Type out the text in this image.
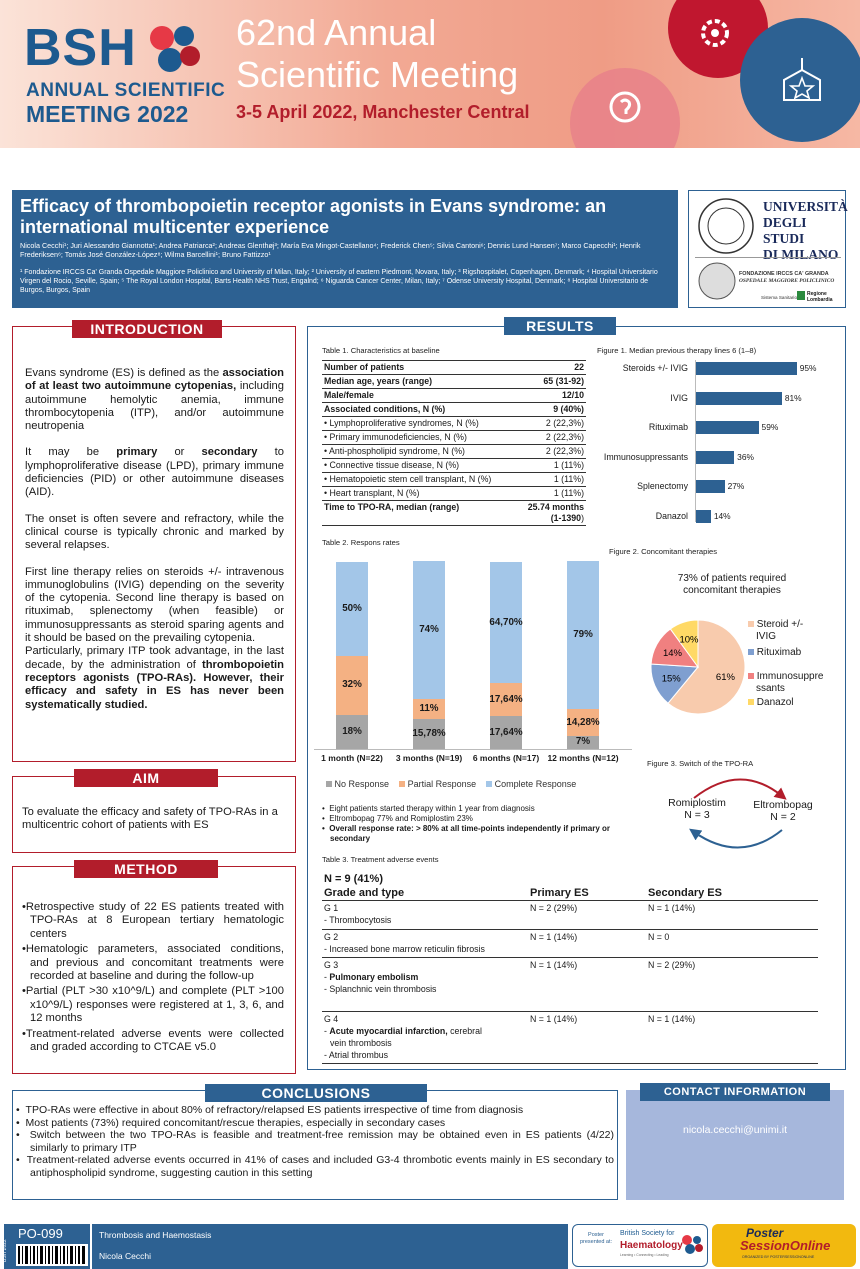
BSH
ANNUAL SCIENTIFIC
MEETING 2022
62nd Annual
Scientific Meeting
3-5 April 2022, Manchester Central
Efficacy of thrombopoietin receptor agonists in Evans syndrome: an international multicenter experience
Nicola Cecchi¹; Juri Alessandro Giannotta¹; Andrea Patriarca²; Andreas Glenthøj³; María Eva Mingot-Castellano⁴; Frederick Chen⁵; Silvia Cantoni⁶; Dennis Lund Hansen⁷; Marco Capecchi¹; Henrik Frederiksen⁶; Tomás José González-López⁸; Wilma Barcellini¹; Bruno Fattizzo¹
¹ Fondazione IRCCS Ca' Granda Ospedale Maggiore Policlinico and University of Milan, Italy; ² University of eastern Piedmont, Novara, Italy; ³ Rigshospitalet, Copenhagen, Denmark; ⁴ Hospital Universitario Virgen del Rocio, Seville, Spain; ⁵ The Royal London Hospital, Barts Health NHS Trust, Engalnd; ⁶ Niguarda Cancer Center, Milan, Italy; ⁷ Odense University Hospital, Denmark; ⁸ Hospital Universitario de Burgos, Burgos, Spain
UNIVERSITÀ
DEGLI STUDI
DI MILANO
FONDAZIONE IRCCS CA' GRANDA
OSPEDALE MAGGIORE POLICLINICO
Sistema Sanitario
Regione Lombardia
INTRODUCTION

Evans syndrome (ES) is defined as the association of at least two autoimmune cytopenias, including autoimmune hemolytic anemia, immune thrombocytopenia (ITP), and/or autoimmune neutropenia

It may be primary or secondary to lymphoproliferative disease (LPD), primary immune deficiencies (PID) or other autoimmune diseases (AID).

The onset is often severe and refractory, while the clinical course is typically chronic and marked by several relapses.

First line therapy relies on steroids +/- intravenous immunoglobulins (IVIG) depending on the severity of the cytopenia. Second line therapy is based on rituximab, splenectomy (when feasible) or immunosuppressants as steroid sparing agents and it should be based on the prevailing cytopenia.

Particularly, primary ITP took advantage, in the last decade, by the administration of thrombopoietin receptors agonists (TPO-RAs). However, their efficacy and safety in ES has never been systematically studied.

AIM
To evaluate the efficacy and safety of TPO-RAs in a multicentric cohort of patients with ES
METHOD
• Retrospective study of 22 ES patients treated with TPO-RAs at 8 European tertiary hematologic centers
• Hematologic parameters, associated conditions, and previous and concomitant treatments were recorded at baseline and during the follow-up
• Partial (PLT >30 x10^9/L) and complete (PLT >100 x10^9/L) responses were registered at 1, 3, 6, and 12 months
• Treatment-related adverse events were collected and graded according to CTCAE v5.0
RESULTS
Table 1. Characteristics at baseline
Number of patients	22
Median age, years (range)	65 (31-92)
Male/female	12/10
Associated conditions, N (%)	9 (40%)
• Lymphoproliferative syndromes, N (%)	2 (22,3%)
• Primary immunodeficiencies, N (%)	2 (22,3%)
• Anti-phospholipid syndrome, N (%)	2 (22,3%)
• Connective tissue disease, N (%)	1 (11%)
• Hematopoietic stem cell transplant, N (%)	1 (11%)
• Heart transplant, N (%)	1 (11%)
Time to TPO-RA, median (range)	25.74 months
(1-1390)
Figure 1. Median previous therapy lines 6 (1–8)
Steroids +/- IVIG	95%
IVIG	81%
Rituximab	59%
Immunosuppressants	36%
Splenectomy	27%
Danazol	14%
Table 2. Respons rates
18%
32%
50%
1 month (N=22)
15,78%
11%
74%
3 months (N=19)
17,64%
17,64%
64,70%
6 months (N=17)
7%
14,28%
79%
12 months (N=12)
No Response Partial Response Complete Response
Figure 2. Concomitant therapies
73% of patients required concomitant therapies
61%
15%
14%
10%
Steroid +/-
IVIG
Rituximab
Immunosuppre
ssants
Danazol
Figure 3. Switch of the TPO-RA
Romiplostim
N = 3
Eltrombopag
N = 2
•  Eight patients started therapy within 1 year from diagnosis
•  Eltrombopag 77% and Romiplostim 23%
•  Overall response rate: > 80% at all time-points independently if primary or secondary
Table 3. Treatment adverse events
N = 9 (41%)
Grade and type	Primary ES	Secondary ES

G 1
- Thrombocytosis	N = 2 (29%)	N = 1 (14%)

G 2
- Increased bone marrow reticulin fibrosis	N = 1 (14%)	N = 0

G 3
- Pulmonary embolism
- Splanchnic vein thrombosis	N = 1 (14%)	N = 2 (29%)

G 4
- Acute myocardial infarction, cerebral
vein thrombosis
- Atrial thrombus	N = 1 (14%)	N = 1 (14%)
CONCLUSIONS
• TPO-RAs were effective in about 80% of refractory/relapsed ES patients irrespective of time from diagnosis
• Most patients (73%) required concomitant/rescue therapies, especially in secondary cases
• Switch between the two TPO-RAs is feasible and treatment-free remission may be obtained even in ES patients (4/22) similarly to primary ITP
• Treatment-related adverse events occurred in 41% of cases and included G3-4 thrombotic events mainly in ES secondary to antiphospholipid syndrome, suggesting caution in this setting
CONTACT INFORMATION
nicola.cecchi@unimi.it
PO-099
BSH 2022
Thrombosis and Haemostasis
Nicola Cecchi
Poster presented at:
British Society for
Haematology
Learning • Connecting • Leading
Poster
SessionOnline
ORGANIZED BY POSTERSESSIONONLINE
